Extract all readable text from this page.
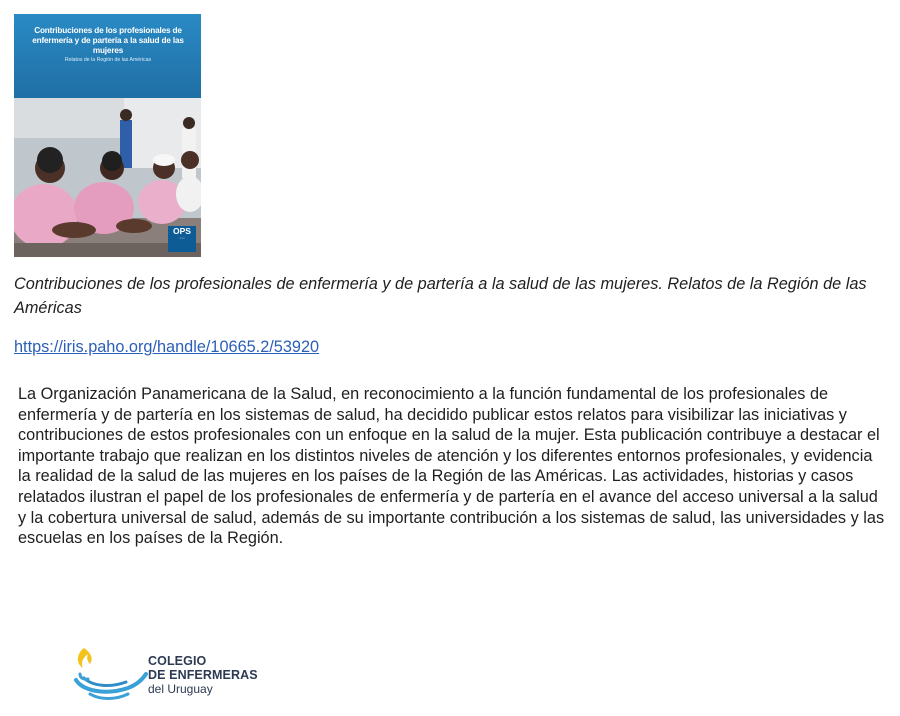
Contribuciones de los profesionales de enfermería y de partería a la salud de las mujeres
Relatos de la Región de las Américas
OPS
▪ ▪ ▪

Contribuciones de los profesionales de enfermería y de partería a la salud de las mujeres. Relatos de la Región de las Américas

https://iris.paho.org/handle/10665.2/53920

La Organización Panamericana de la Salud, en reconocimiento a la función fundamental de los profesionales de enfermería y de partería en los sistemas de salud, ha decidido publicar estos relatos para visibilizar las iniciativas y contribuciones de estos profesionales con un enfoque en la salud de la mujer. Esta publicación contribuye a destacar el importante trabajo que realizan en los distintos niveles de atención y los diferentes entornos profesionales, y evidencia la realidad de la salud de las mujeres en los países de la Región de las Américas. Las actividades, historias y casos relatados ilustran el papel de los profesionales de enfermería y de partería en el avance del acceso universal a la salud y la cobertura universal de salud, además de su importante contribución a los sistemas de salud, las universidades y las escuelas en los países de la Región.

COLEGIO
DE ENFERMERAS
del Uruguay
